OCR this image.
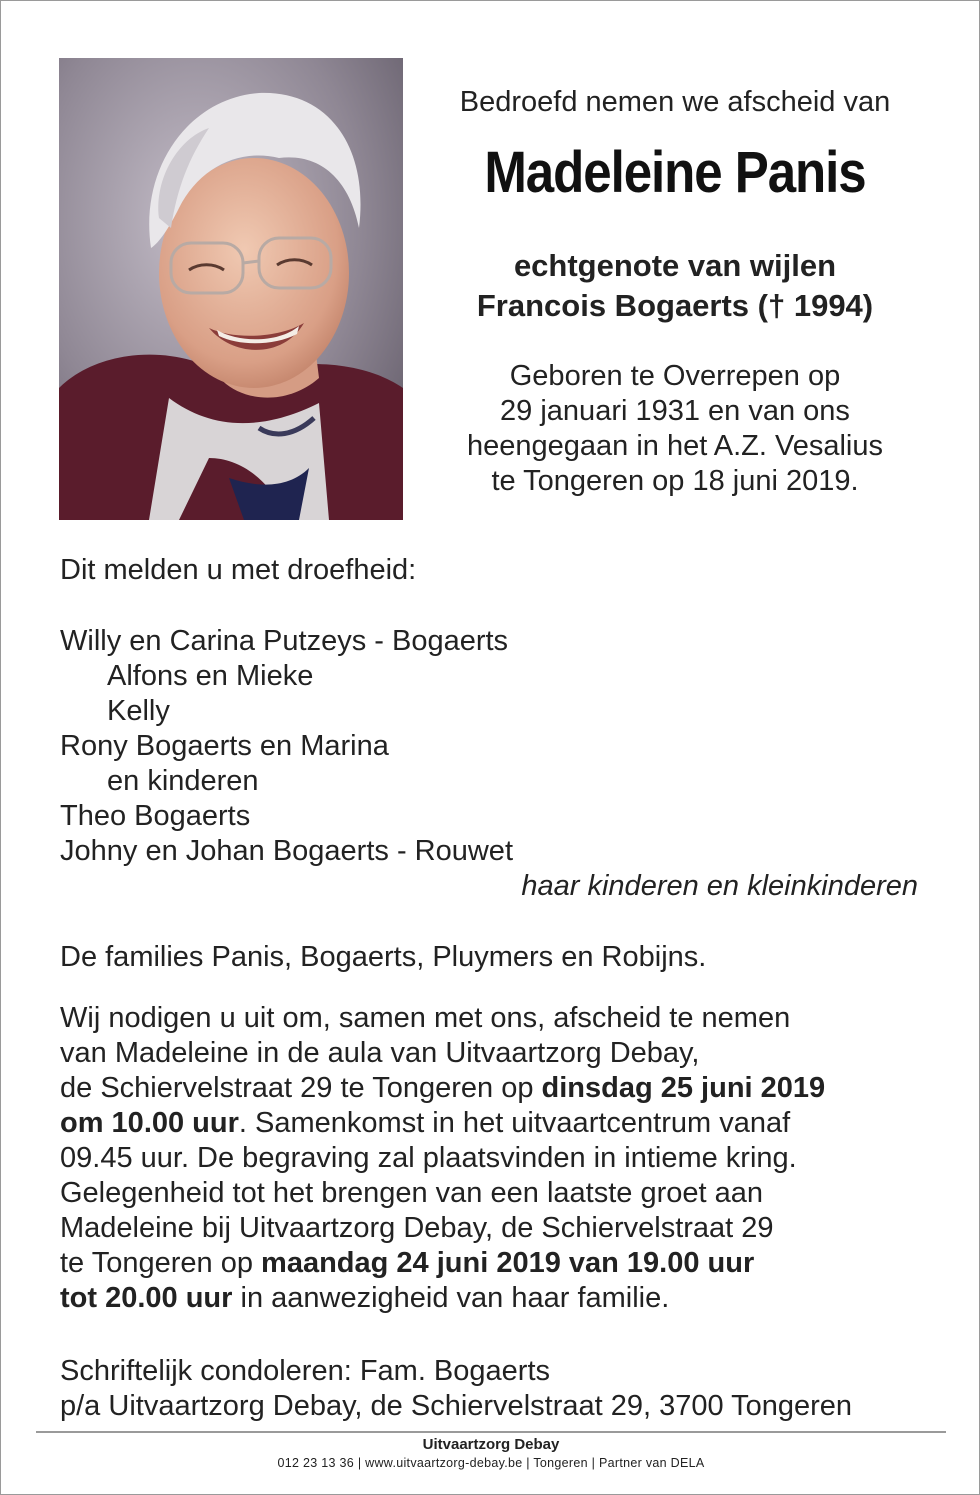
Bedroefd nemen we afscheid van
Madeleine Panis
echtgenote van wijlen
Francois Bogaerts († 1994)
Geboren te Overrepen op
29 januari 1931 en van ons
heengegaan in het A.Z. Vesalius
te Tongeren op 18 juni 2019.
Dit melden u met droefheid:
Willy en Carina Putzeys - Bogaerts
Alfons en Mieke
Kelly
Rony Bogaerts en Marina
en kinderen
Theo Bogaerts
Johny en Johan Bogaerts - Rouwet
haar kinderen en kleinkinderen
De families Panis, Bogaerts, Pluymers en Robijns.
Wij nodigen u uit om, samen met ons, afscheid te nemen
van Madeleine in de aula van Uitvaartzorg Debay,
de Schiervelstraat 29 te Tongeren op dinsdag 25 juni 2019
om 10.00 uur. Samenkomst in het uitvaartcentrum vanaf
09.45 uur. De begraving zal plaatsvinden in intieme kring.
Gelegenheid tot het brengen van een laatste groet aan
Madeleine bij Uitvaartzorg Debay, de Schiervelstraat 29
te Tongeren op maandag 24 juni 2019 van 19.00 uur
tot 20.00 uur in aanwezigheid van haar familie.
Schriftelijk condoleren: Fam. Bogaerts
p/a Uitvaartzorg Debay, de Schiervelstraat 29, 3700 Tongeren
Uitvaartzorg Debay
012 23 13 36 | www.uitvaartzorg-debay.be | Tongeren | Partner van DELA
